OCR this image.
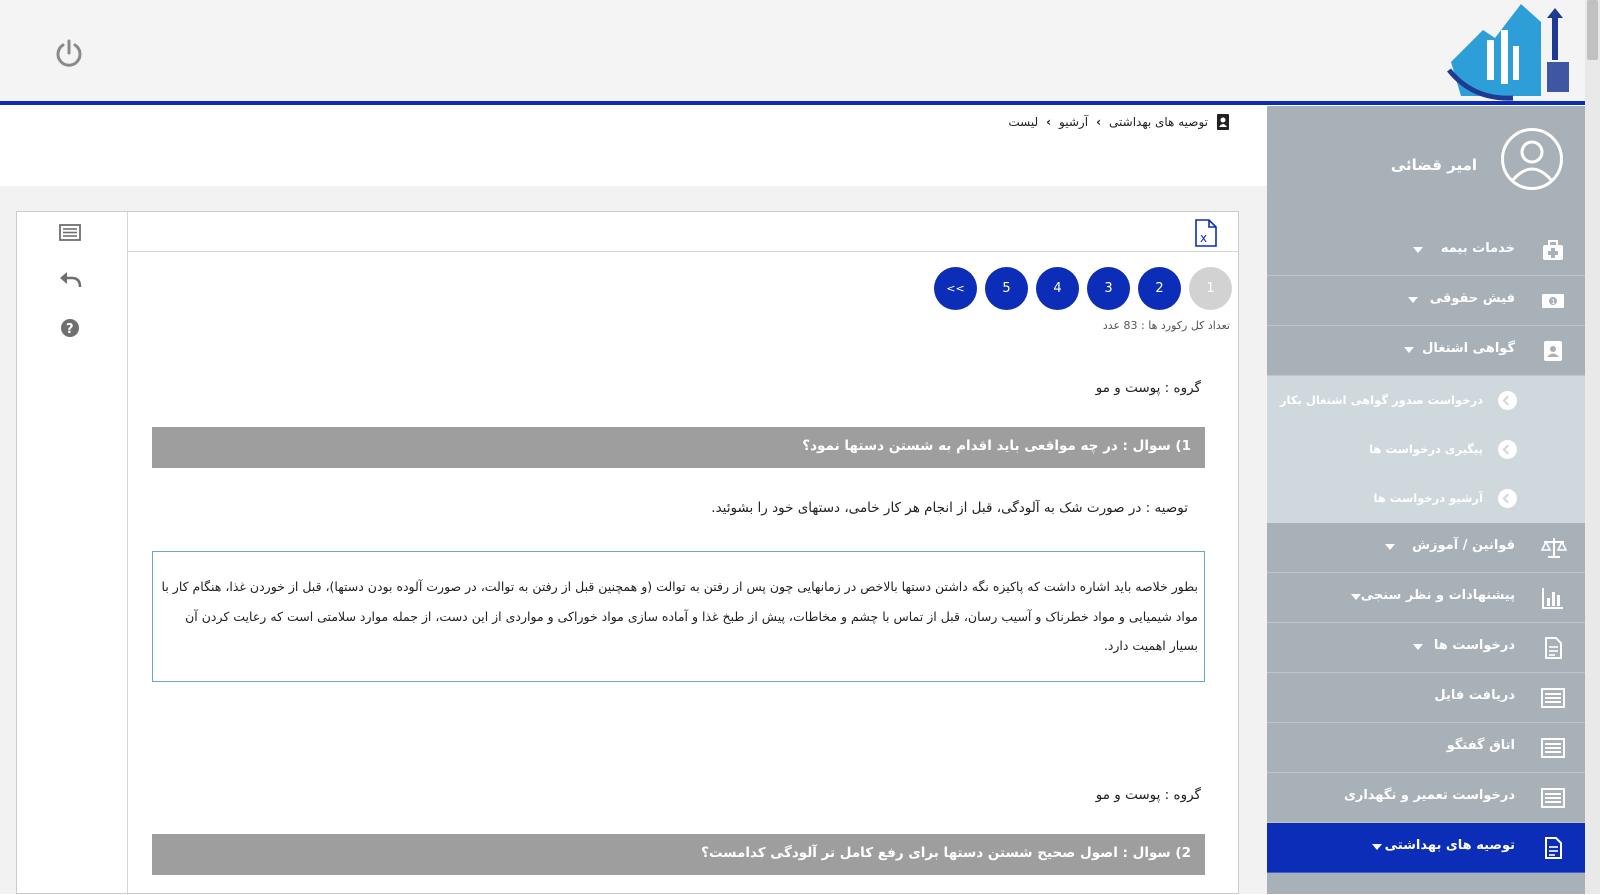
امیر قضائی
خدمات بیمه
1
فیش حقوقی
گواهی اشتغال
درخواست صدور گواهی اشتغال بکار
پیگیری درخواست ها
آرشیو درخواست ها
قوانین / آموزش
پیشنهادات و نظر سنجی
درخواست ها
دریافت فایل
اتاق گفتگو
درخواست تعمیر و نگهداری
توصیه های بهداشتی
توصیه های بهداشتی
‹
آرشیو
‹
لیست
?
x
1
2
3
4
5
<<
تعداد کل رکورد ها : 83 عدد
گروه : پوست و مو
1) سوال : در چه مواقعی باید اقدام به شستن دستها نمود؟
توصیه : در صورت شک به آلودگی، قبل از انجام هر کار خامی، دستهای خود را بشوئید.
بطور خلاصه باید اشاره داشت که پاکیزه نگه داشتن دستها بالاخص در زمانهایی چون پس از رفتن به توالت (و همچنین قبل از رفتن به توالت، در صورت آلوده بودن دستها)، قبل از خوردن غذا، هنگام کار با مواد شیمیایی و مواد خطرناک و آسیب رسان، قبل از تماس با چشم و مخاطات، پیش از طبخ غذا و آماده سازی مواد خوراکی و مواردی از این دست، از جمله موارد سلامتی است که رعایت کردن آن بسیار اهمیت دارد.
گروه : پوست و مو
2) سوال : اصول صحیح شستن دستها برای رفع کامل تر آلودگی کدامست؟
